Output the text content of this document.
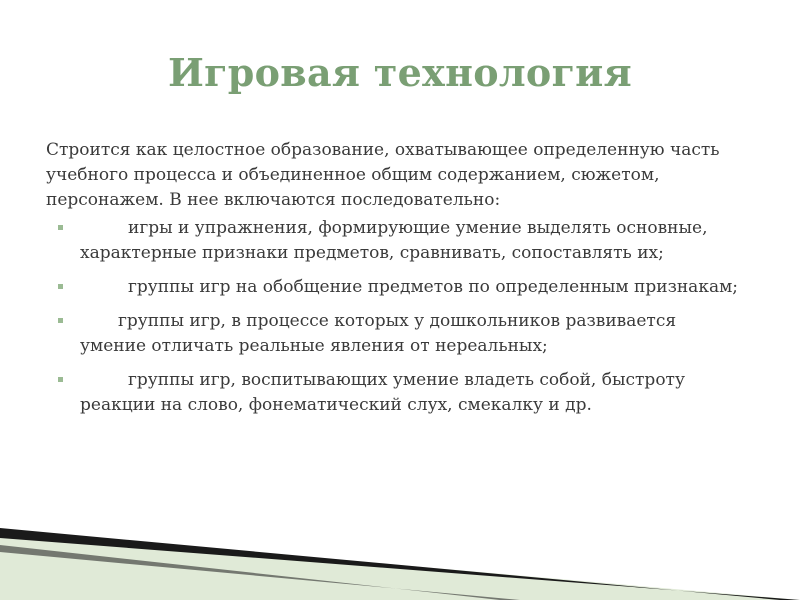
Игровая технология

Строится как целостное образование, охватывающее определенную часть учебного процесса и объединенное общим содержанием, сюжетом, персонажем. В нее включаются последовательно:

игры и упражнения, формирующие умение выделять основные, характерные признаки предметов, сравнивать, сопоставлять их;
группы игр на обобщение предметов по определенным признакам;
группы игр, в процессе которых у дошкольников развивается умение отличать реальные явления от нереальных;
группы игр, воспитывающих умение владеть собой, быстроту реакции на слово, фонематический слух, смекалку и др.
